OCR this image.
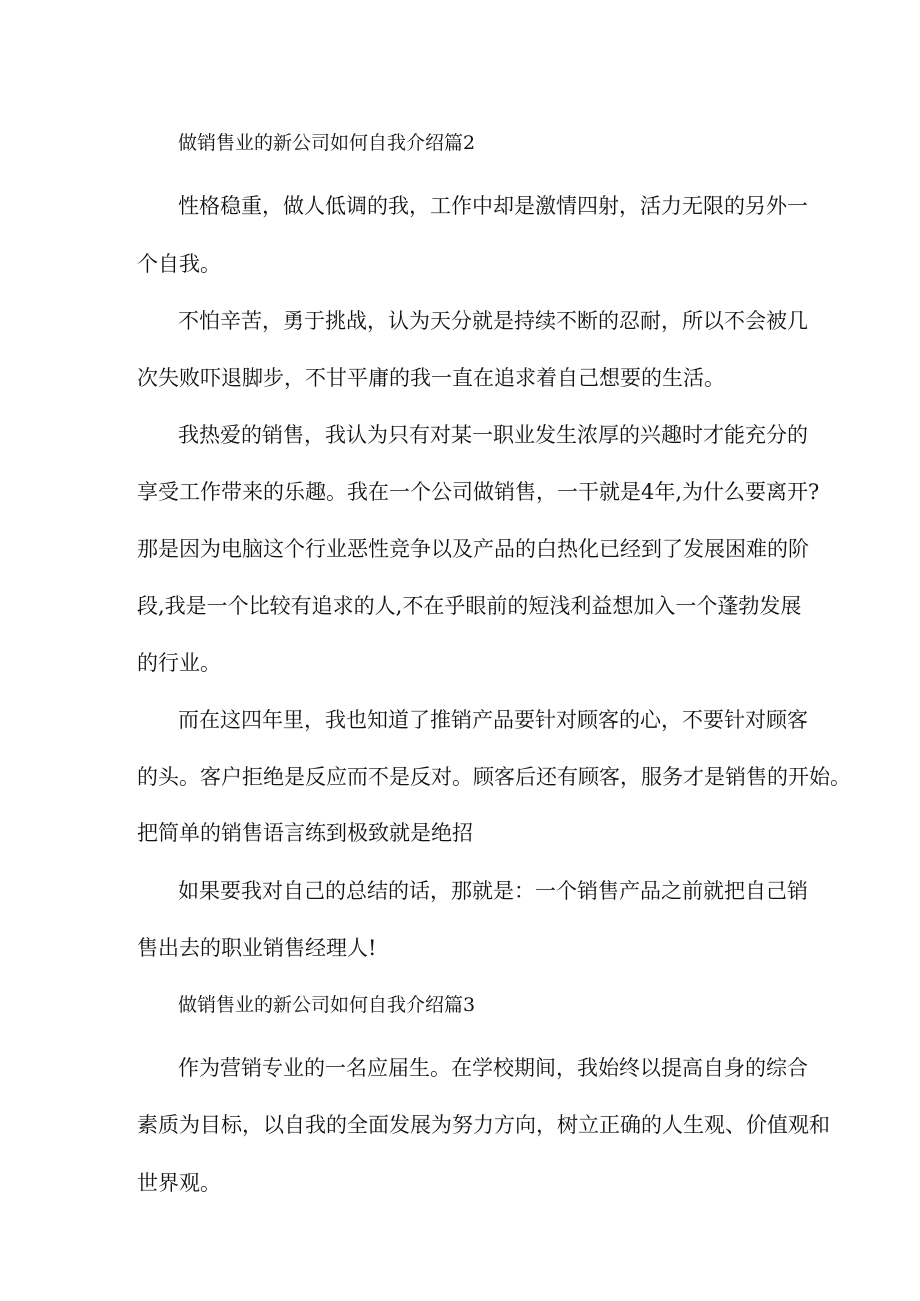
做销售业的新公司如何自我介绍篇2

性格稳重，做人低调的我，工作中却是激情四射，活力无限的另外一

个自我。

不怕辛苦，勇于挑战，认为天分就是持续不断的忍耐，所以不会被几

次失败吓退脚步，不甘平庸的我一直在追求着自己想要的生活。

我热爱的销售，我认为只有对某一职业发生浓厚的兴趣时才能充分的

享受工作带来的乐趣。我在一个公司做销售，一干就是4年,为什么要离开?

那是因为电脑这个行业恶性竞争以及产品的白热化已经到了发展困难的阶

段,我是一个比较有追求的人,不在乎眼前的短浅利益想加入一个蓬勃发展

的行业。

而在这四年里，我也知道了推销产品要针对顾客的心，不要针对顾客

的头。客户拒绝是反应而不是反对。顾客后还有顾客，服务才是销售的开始。

把简单的销售语言练到极致就是绝招

如果要我对自己的总结的话，那就是：一个销售产品之前就把自己销

售出去的职业销售经理人!

做销售业的新公司如何自我介绍篇3

作为营销专业的一名应届生。在学校期间，我始终以提高自身的综合

素质为目标，以自我的全面发展为努力方向，树立正确的人生观、价值观和

世界观。
